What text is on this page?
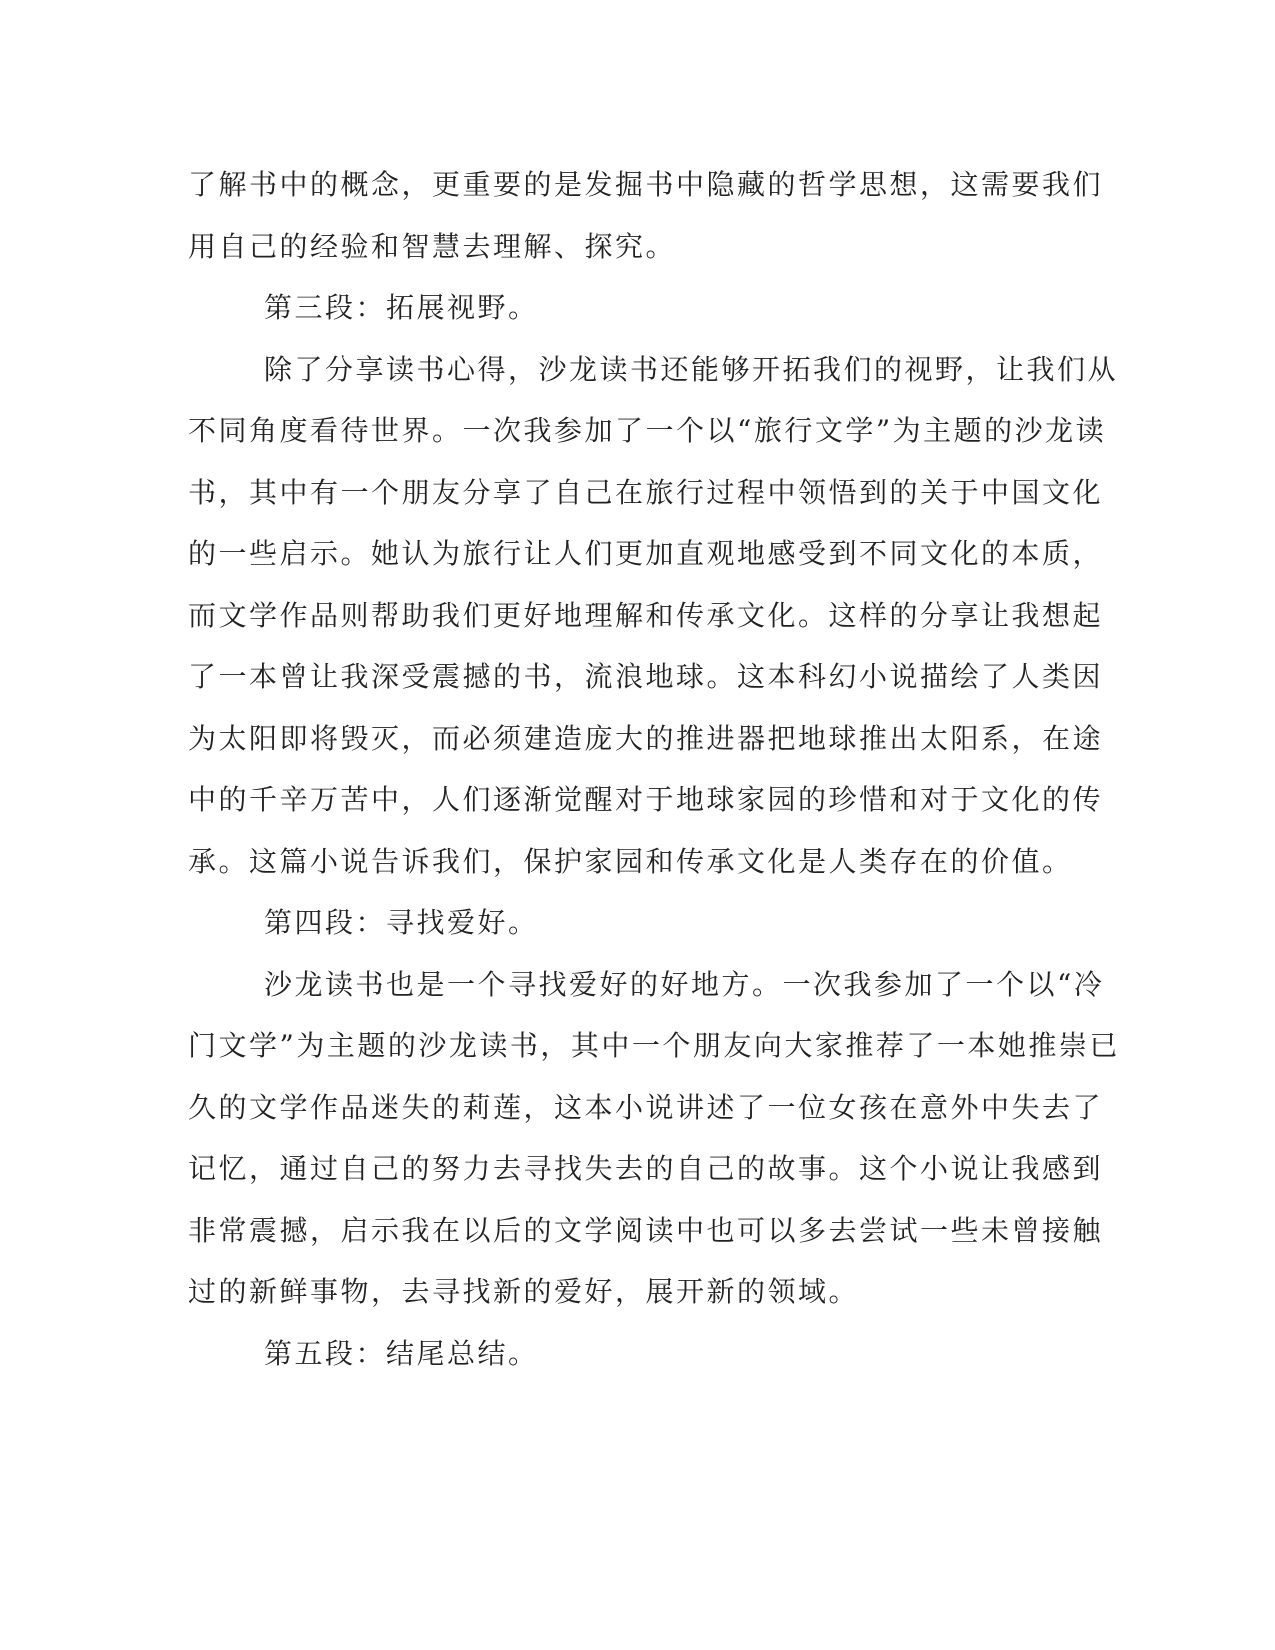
了解书中的概念，更重要的是发掘书中隐藏的哲学思想，这需要我们
用自己的经验和智慧去理解、探究。
第三段：拓展视野。
除了分享读书心得，沙龙读书还能够开拓我们的视野，让我们从
不同角度看待世界。一次我参加了一个以“旅行文学”为主题的沙龙读
书，其中有一个朋友分享了自己在旅行过程中领悟到的关于中国文化
的一些启示。她认为旅行让人们更加直观地感受到不同文化的本质，
而文学作品则帮助我们更好地理解和传承文化。这样的分享让我想起
了一本曾让我深受震撼的书，流浪地球。这本科幻小说描绘了人类因
为太阳即将毁灭，而必须建造庞大的推进器把地球推出太阳系，在途
中的千辛万苦中，人们逐渐觉醒对于地球家园的珍惜和对于文化的传
承。这篇小说告诉我们，保护家园和传承文化是人类存在的价值。
第四段：寻找爱好。
沙龙读书也是一个寻找爱好的好地方。一次我参加了一个以“冷
门文学”为主题的沙龙读书，其中一个朋友向大家推荐了一本她推崇已
久的文学作品迷失的莉莲，这本小说讲述了一位女孩在意外中失去了
记忆，通过自己的努力去寻找失去的自己的故事。这个小说让我感到
非常震撼，启示我在以后的文学阅读中也可以多去尝试一些未曾接触
过的新鲜事物，去寻找新的爱好，展开新的领域。
第五段：结尾总结。
